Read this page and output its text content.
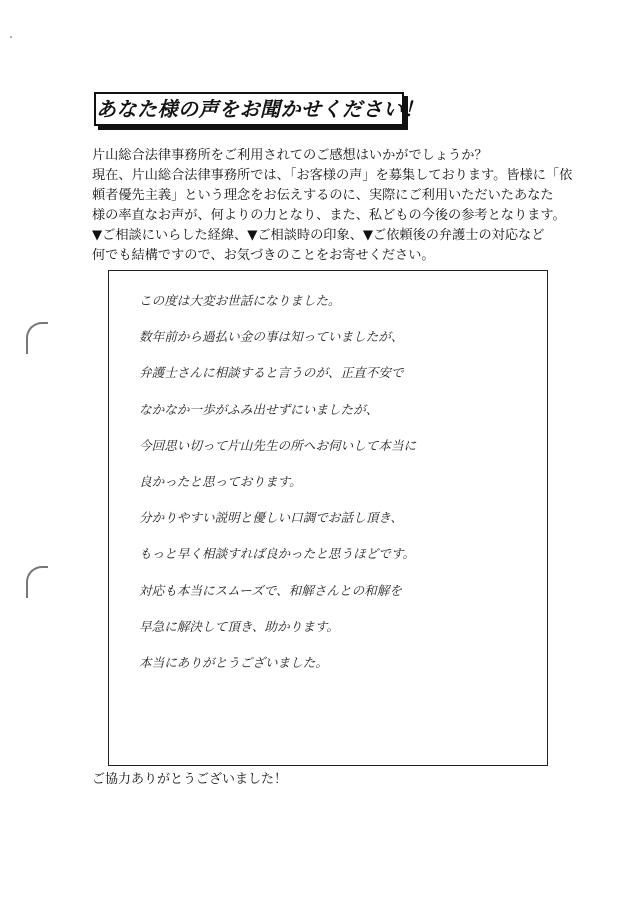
あなた様の声をお聞かせください！
片山総合法律事務所をご利用されてのご感想はいかがでしょうか？
現在、片山総合法律事務所では、「お客様の声」を募集しております。皆様に「依
頼者優先主義」という理念をお伝えするのに、実際にご利用いただいたあなた
様の率直なお声が、何よりの力となり、また、私どもの今後の参考となります。
▼ご相談にいらした経緯、▼ご相談時の印象、▼ご依頼後の弁護士の対応など
何でも結構ですので、お気づきのことをお寄せください。
この度は大変お世話になりました。
数年前から過払い金の事は知っていましたが、
弁護士さんに相談すると言うのが、正直不安で
なかなか一歩がふみ出せずにいましたが、
今回思い切って片山先生の所へお伺いして本当に
良かったと思っております。
分かりやすい説明と優しい口調でお話し頂き、
もっと早く相談すれば良かったと思うほどです。
対応も本当にスムーズで、和解さんとの和解を
早急に解決して頂き、助かります。
本当にありがとうございました。
ご協力ありがとうございました！
